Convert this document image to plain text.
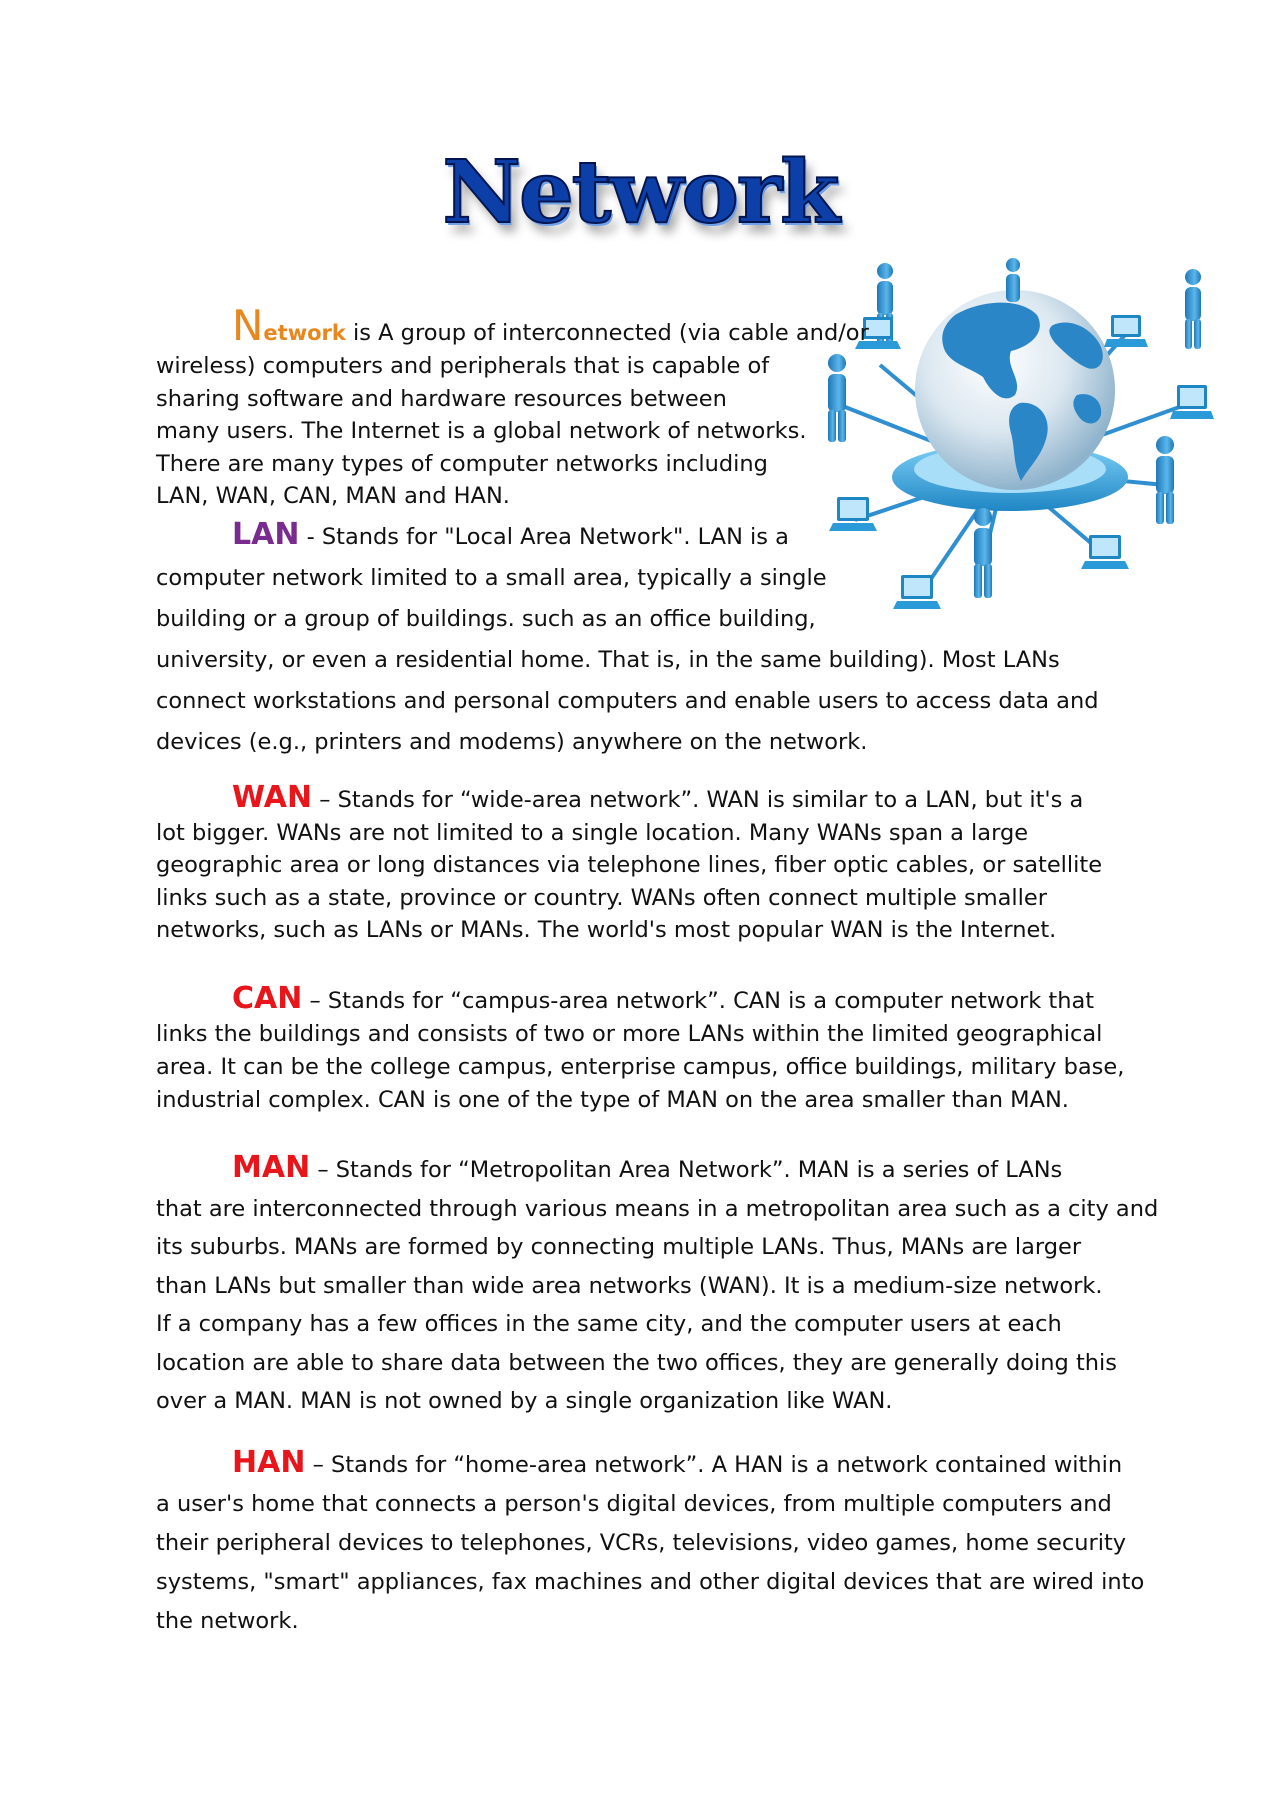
Network
Network is A group of interconnected (via cable and/or
wireless) computers and peripherals that is capable of
sharing software and hardware resources between
many users. The Internet is a global network of networks.
There are many types of computer networks including
LAN, WAN, CAN, MAN and HAN.
LAN - Stands for "Local Area Network". LAN is a
computer network limited to a small area, typically a single
building or a group of buildings. such as an office building,
university, or even a residential home. That is, in the same building). Most LANs
connect workstations and personal computers and enable users to access data and
devices (e.g., printers and modems) anywhere on the network.
WAN – Stands for “wide-area network”. WAN is similar to a LAN, but it's a
lot bigger. WANs are not limited to a single location. Many WANs span a large
geographic area or long distances via telephone lines, fiber optic cables, or satellite
links such as a state, province or country. WANs often connect multiple smaller
networks, such as LANs or MANs. The world's most popular WAN is the Internet.
CAN – Stands for “campus-area network”. CAN is a computer network that
links the buildings and consists of two or more LANs within the limited geographical
area. It can be the college campus, enterprise campus, office buildings, military base,
industrial complex. CAN is one of the type of MAN on the area smaller than MAN.
MAN – Stands for “Metropolitan Area Network”. MAN is a series of LANs
that are interconnected through various means in a metropolitan area such as a city and
its suburbs. MANs are formed by connecting multiple LANs. Thus, MANs are larger
than LANs but smaller than wide area networks (WAN). It is a medium-size network.
If a company has a few offices in the same city, and the computer users at each
location are able to share data between the two offices, they are generally doing this
over a MAN. MAN is not owned by a single organization like WAN.
HAN – Stands for “home-area network”. A HAN is a network contained within
a user's home that connects a person's digital devices, from multiple computers and
their peripheral devices to telephones, VCRs, televisions, video games, home security
systems, "smart" appliances, fax machines and other digital devices that are wired into
the network.
